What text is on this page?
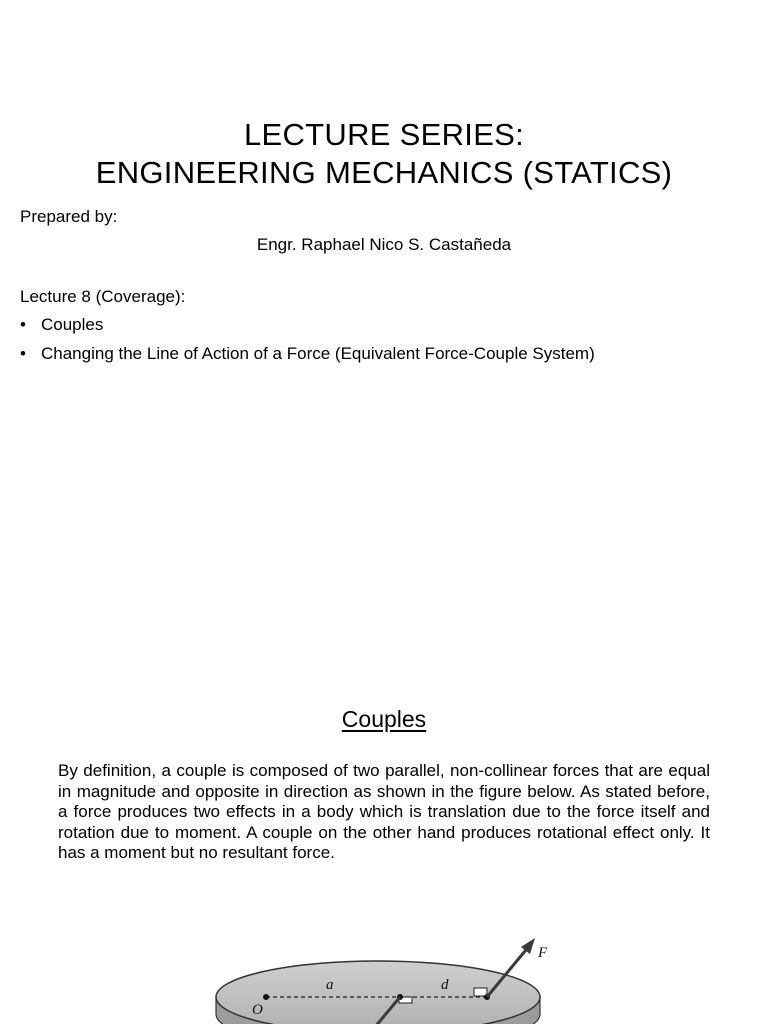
LECTURE SERIES:
ENGINEERING MECHANICS (STATICS)
Prepared by:
Engr. Raphael Nico S. Castañeda
Lecture 8 (Coverage):
• Couples
• Changing the Line of Action of a Force (Equivalent Force-Couple System)
Couples
By definition, a couple is composed of two parallel, non-collinear forces that are equal in magnitude and opposite in direction as shown in the figure below. As stated before, a force produces two effects in a body which is translation due to the force itself and rotation due to moment. A couple on the other hand produces rotational effect only. It has a moment but no resultant force.
F
a	d
O
